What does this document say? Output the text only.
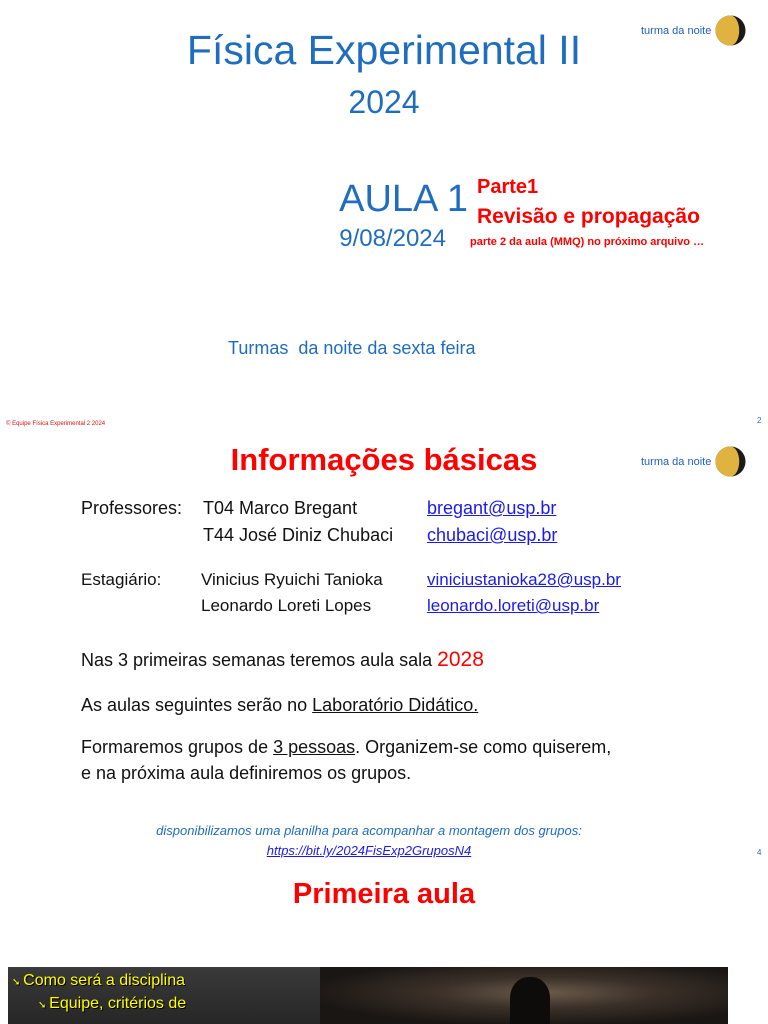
turma da noite
Física Experimental II
2024
AULA 1
9/08/2024
Parte1
Revisão e propagação
parte 2 da aula (MMQ) no próximo arquivo …
Turmas  da noite da sexta feira
© Equipe Física Experimental 2 2024	2
Informações básicas	turma da noite
Professores: T04 Marco Bregant	bregant@usp.br
T44 José Diniz Chubaci chubaci@usp.br
Estagiário: Vinicius Ryuichi Tanioka	viniciustanioka28@usp.br
Leonardo Loreti Lopes	leonardo.loreti@usp.br
Nas 3 primeiras semanas teremos aula sala 2028
As aulas seguintes serão no Laboratório Didático.
Formaremos grupos de 3 pessoas. Organizem-se como quiserem,
e na próxima aula definiremos os grupos.
disponibilizamos uma planilha para acompanhar a montagem dos grupos:
https://bit.ly/2024FisExp2GruposN4	4
Primeira aula
➘ Como será a disciplina
➘ Equipe, critérios de
